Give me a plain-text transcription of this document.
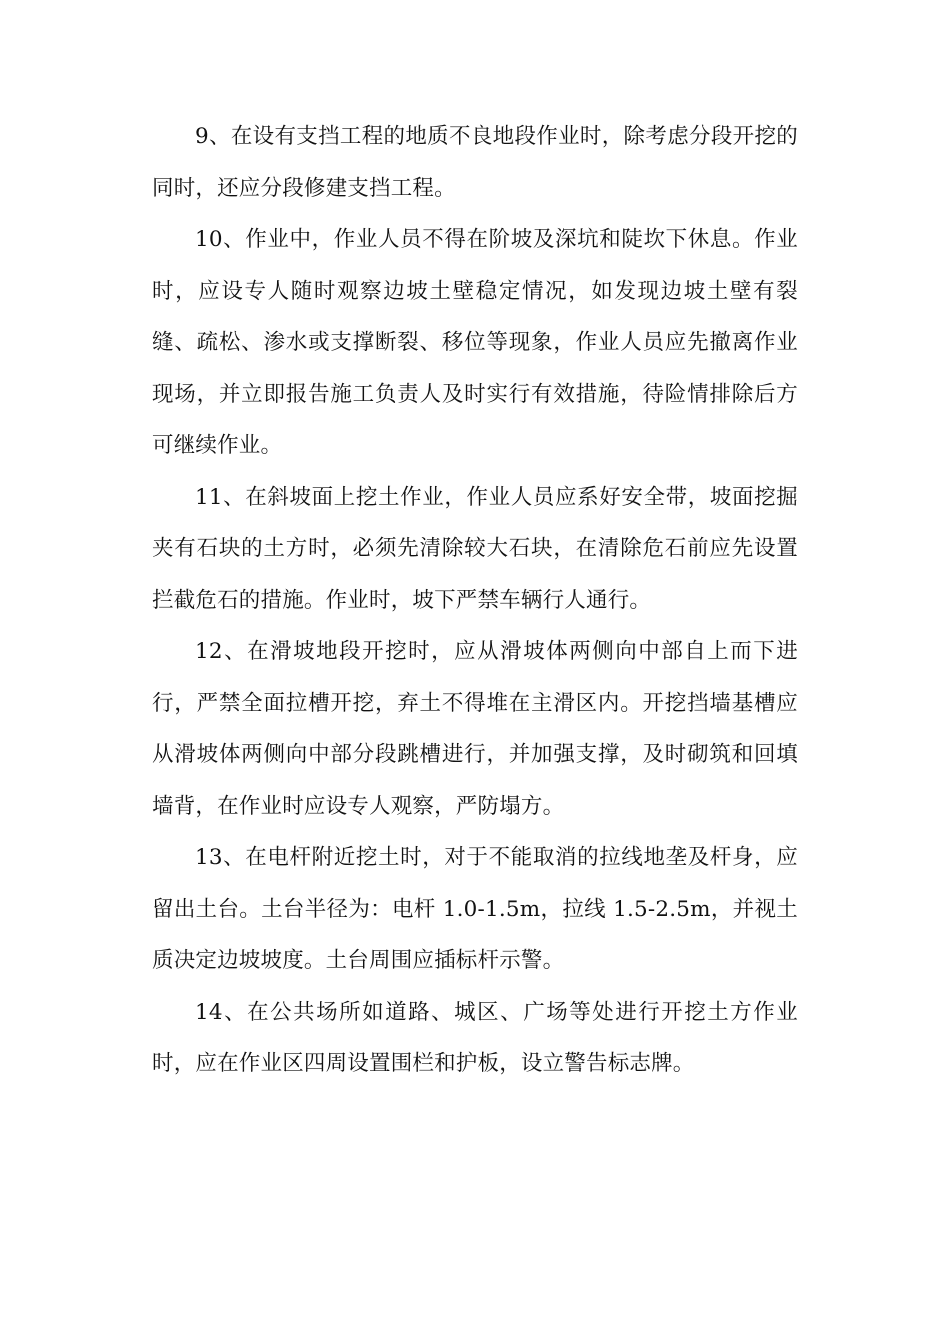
9、在设有支挡工程的地质不良地段作业时，除考虑分段开挖的同时，还应分段修建支挡工程。

10、作业中，作业人员不得在阶坡及深坑和陡坎下休息。作业时，应设专人随时观察边坡土壁稳定情况，如发现边坡土壁有裂缝、疏松、渗水或支撑断裂、移位等现象，作业人员应先撤离作业现场，并立即报告施工负责人及时实行有效措施，待险情排除后方可继续作业。

11、在斜坡面上挖土作业，作业人员应系好安全带，坡面挖掘夹有石块的土方时，必须先清除较大石块，在清除危石前应先设置拦截危石的措施。作业时，坡下严禁车辆行人通行。

12、在滑坡地段开挖时，应从滑坡体两侧向中部自上而下进行，严禁全面拉槽开挖，弃土不得堆在主滑区内。开挖挡墙基槽应从滑坡体两侧向中部分段跳槽进行，并加强支撑，及时砌筑和回填墙背，在作业时应设专人观察，严防塌方。

13、在电杆附近挖土时，对于不能取消的拉线地垄及杆身，应留出土台。土台半径为：电杆 1.0-1.5m，拉线 1.5-2.5m，并视土质决定边坡坡度。土台周围应插标杆示警。

14、在公共场所如道路、城区、广场等处进行开挖土方作业时，应在作业区四周设置围栏和护板，设立警告标志牌。
